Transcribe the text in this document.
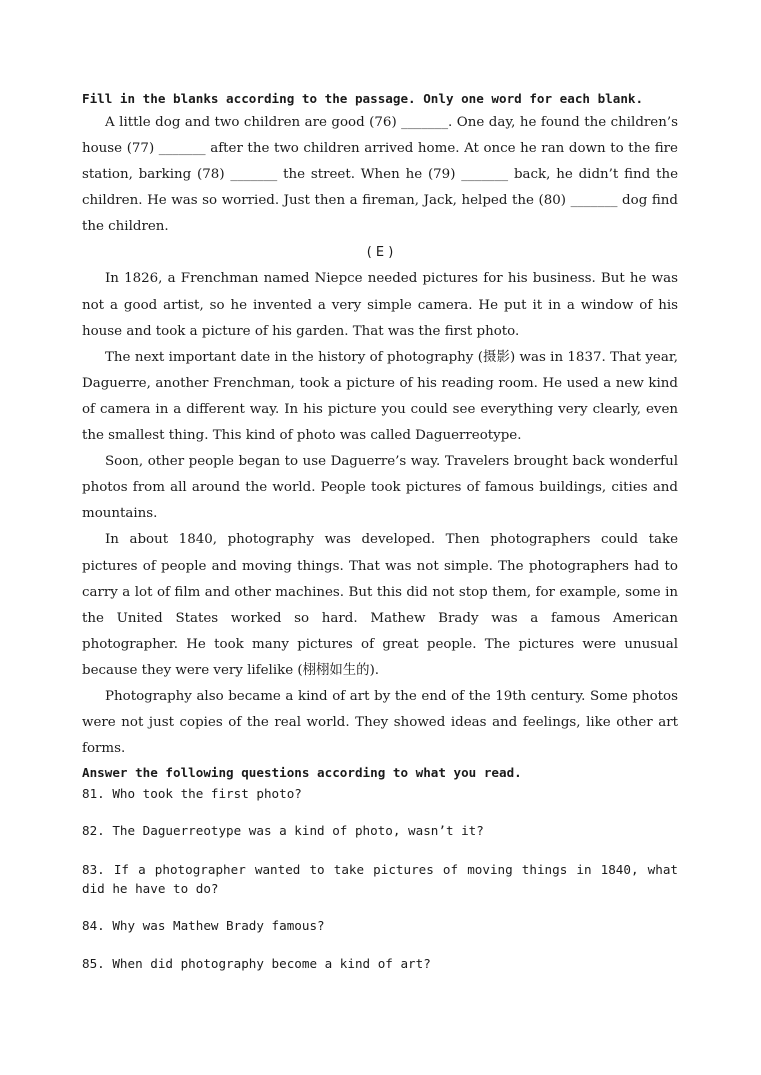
Fill in the blanks according to the passage. Only one word for each blank.

A little dog and two children are good (76) _______. One day, he found the children’s house (77) _______ after the two children arrived home. At once he ran down to the fire station, barking (78) _______ the street. When he (79) _______ back, he didn’t find the children. He was so worried. Just then a fireman, Jack, helped the (80) _______ dog find the children.

( E )

In 1826, a Frenchman named Niepce needed pictures for his business. But he was not a good artist, so he invented a very simple camera. He put it in a window of his house and took a picture of his garden. That was the first photo.

The next important date in the history of photography (摄影) was in 1837. That year, Daguerre, another Frenchman, took a picture of his reading room. He used a new kind of camera in a different way. In his picture you could see everything very clearly, even the smallest thing. This kind of photo was called Daguerreotype.

Soon, other people began to use Daguerre’s way. Travelers brought back wonderful photos from all around the world. People took pictures of famous buildings, cities and mountains.

In about 1840, photography was developed. Then photographers could take pictures of people and moving things. That was not simple. The photographers had to carry a lot of film and other machines. But this did not stop them, for example, some in the United States worked so hard. Mathew Brady was a famous American photographer. He took many pictures of great people. The pictures were unusual because they were very lifelike (栩栩如生的).

Photography also became a kind of art by the end of the 19th century. Some photos were not just copies of the real world. They showed ideas and feelings, like other art forms.

Answer the following questions according to what you read.

81. Who took the first photo?

82. The Daguerreotype was a kind of photo, wasn’t it?

83. If a photographer wanted to take pictures of moving things in 1840, what did he have to do?

84. Why was Mathew Brady famous?

85. When did photography become a kind of art?
